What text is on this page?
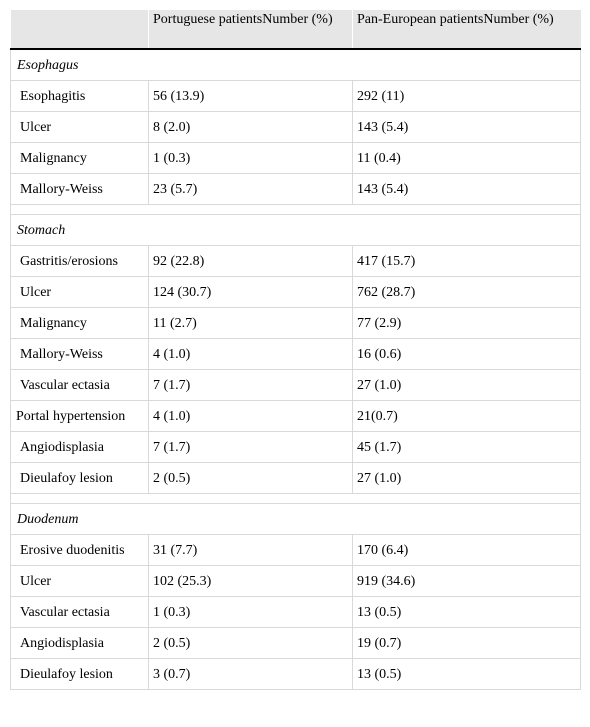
	Portuguese patientsNumber (%)	Pan-European patientsNumber (%)
Esophagus		
Esophagitis	56 (13.9)	292 (11)
Ulcer	8 (2.0)	143 (5.4)
Malignancy	1 (0.3)	11 (0.4)
Mallory-Weiss	23 (5.7)	143 (5.4)

Stomach		
Gastritis/erosions	92 (22.8)	417 (15.7)
Ulcer	124 (30.7)	762 (28.7)
Malignancy	11 (2.7)	77 (2.9)
Mallory-Weiss	4 (1.0)	16 (0.6)
Vascular ectasia	7 (1.7)	27 (1.0)
Portal hypertension	4 (1.0)	21(0.7)
Angiodisplasia	7 (1.7)	45 (1.7)
Dieulafoy lesion	2 (0.5)	27 (1.0)

Duodenum		
Erosive duodenitis	31 (7.7)	170 (6.4)
Ulcer	102 (25.3)	919 (34.6)
Vascular ectasia	1 (0.3)	13 (0.5)
Angiodisplasia	2 (0.5)	19 (0.7)
Dieulafoy lesion	3 (0.7)	13 (0.5)
